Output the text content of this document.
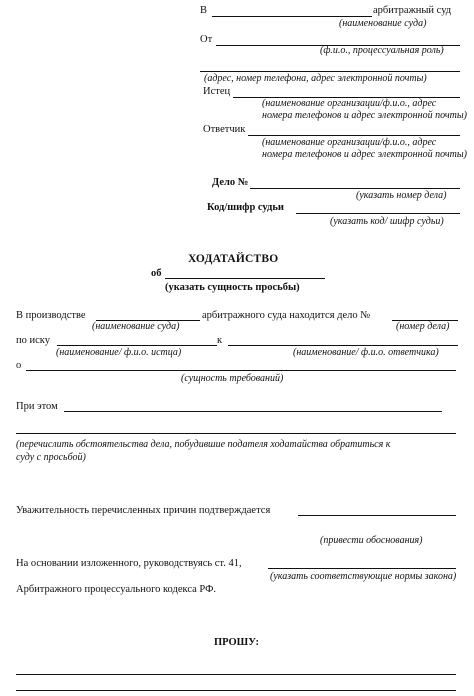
В	арбитражный суд
(наименование суда)
От
(ф.и.о., процессуальная роль)
(адрес, номер телефона, адрес электронной почты)
Истец
(наименование организации/ф.и.о., адрес
номера телефонов и адрес электронной почты)
Ответчик
(наименование организации/ф.и.о., адрес
номера телефонов и адрес электронной почты)
Дело №
(указать номер дела)
Код/шифр судьи
(указать код/ шифр судьи)
ХОДАТАЙСТВО
об
(указать сущность просьбы)
В производстве	арбитражного суда находится дело №
(наименование суда)	(номер дела)
по иску	к
(наименование/ ф.и.о. истца)	(наименование/ ф.и.о. ответчика)
о
(сущность требований)
При этом
(перечислить обстоятельства дела, побудившие подателя ходатайства обратиться к
суду с просьбой)
Уважительность перечисленных причин подтверждается
(привести обоснования)
На основании изложенного, руководствуясь ст. 41,
(указать соответствующие нормы закона)
Арбитражного процессуального кодекса РФ.
ПРОШУ:
